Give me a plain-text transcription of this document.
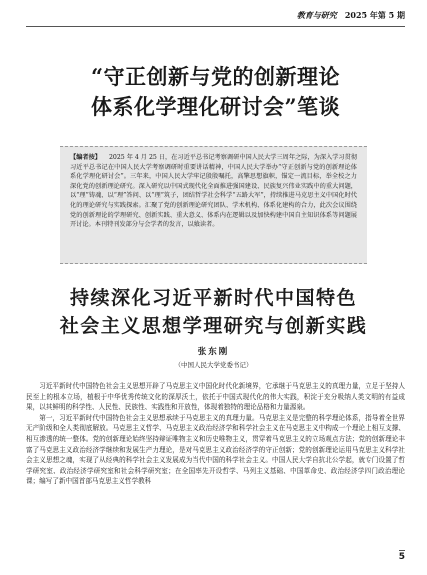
教育与研究 2025 年第 5 期
“守正创新与党的创新理论
体系化学理化研讨会”笔谈
【编者按】 2025 年 4 月 25 日，在习近平总书记考察调研中国人民大学三周年之际，为深入学习贯彻习近平总书记在中国人民大学考察调研时重要讲话精神，中国人民大学举办“守正创新与党的创新理论体系化学理化研讨会”。三年来，中国人民大学牢记殷殷嘱托，高擎思想旗帜，锚定一流目标，举全校之力深化党的创新理论研究。深入研究以中国式现代化全面推进强国建设、民族复兴伟业实践中的重大问题，以“理”铸魂、以“理”答问、以“理”筑子，团结哲学社会科学“五路大军”，持续推进马克思主义中国化时代化的理论研究与实践探索。汇聚了党的创新理论研究团队、学术机构、体系化建构的合力，此次会议围绕党的创新理论的学理研究、创新实践、重大意义、体系内在逻辑以及加快构建中国自主知识体系等问题展开讨论。本刊特刊发部分与会学者的发言，以飨读者。
持续深化习近平新时代中国特色
社会主义思想学理研究与创新实践
张东刚
（中国人民大学党委书记）

习近平新时代中国特色社会主义思想开辟了马克思主义中国化时代化新境界，它承继于马克思主义的真理力量，立足于坚持人民至上的根本立场，植根于中华优秀传统文化的深厚沃土，依托于中国式现代化的伟大实践，积淀于充分吸纳人类文明的有益成果，以其鲜明的科学性、人民性、民族性、实践性和开放性，体现着独特的理论品格和力量源泉。

第一，习近平新时代中国特色社会主义思想承续于马克思主义的真理力量。马克思主义是完整的科学理论体系，指导着全世界无产阶级和全人类彻底解放。马克思主义哲学、马克思主义政治经济学和科学社会主义在马克思主义中构成一个理论上相互支撑、相互渗透的统一整体。党的创新理论始终坚持辩证唯物主义和历史唯物主义，贯穿着马克思主义的立场观点方法；党的创新理论丰富了马克思主义政治经济学继续和发展生产力理论，是对马克思主义政治经济学的守正创新；党的创新理论运用马克思主义科学社会主义思想之魂，实现了从经典的科学社会主义发展成为当代中国的科学社会主义。中国人民大学自抗北公学起，就专门设置了哲学研究室、政治经济学研究室和社会科学研究室；在全国率先开设哲学、马列主义基础、中国革命史、政治经济学四门政治理论课；编写了新中国首部马克思主义哲学教科

5
